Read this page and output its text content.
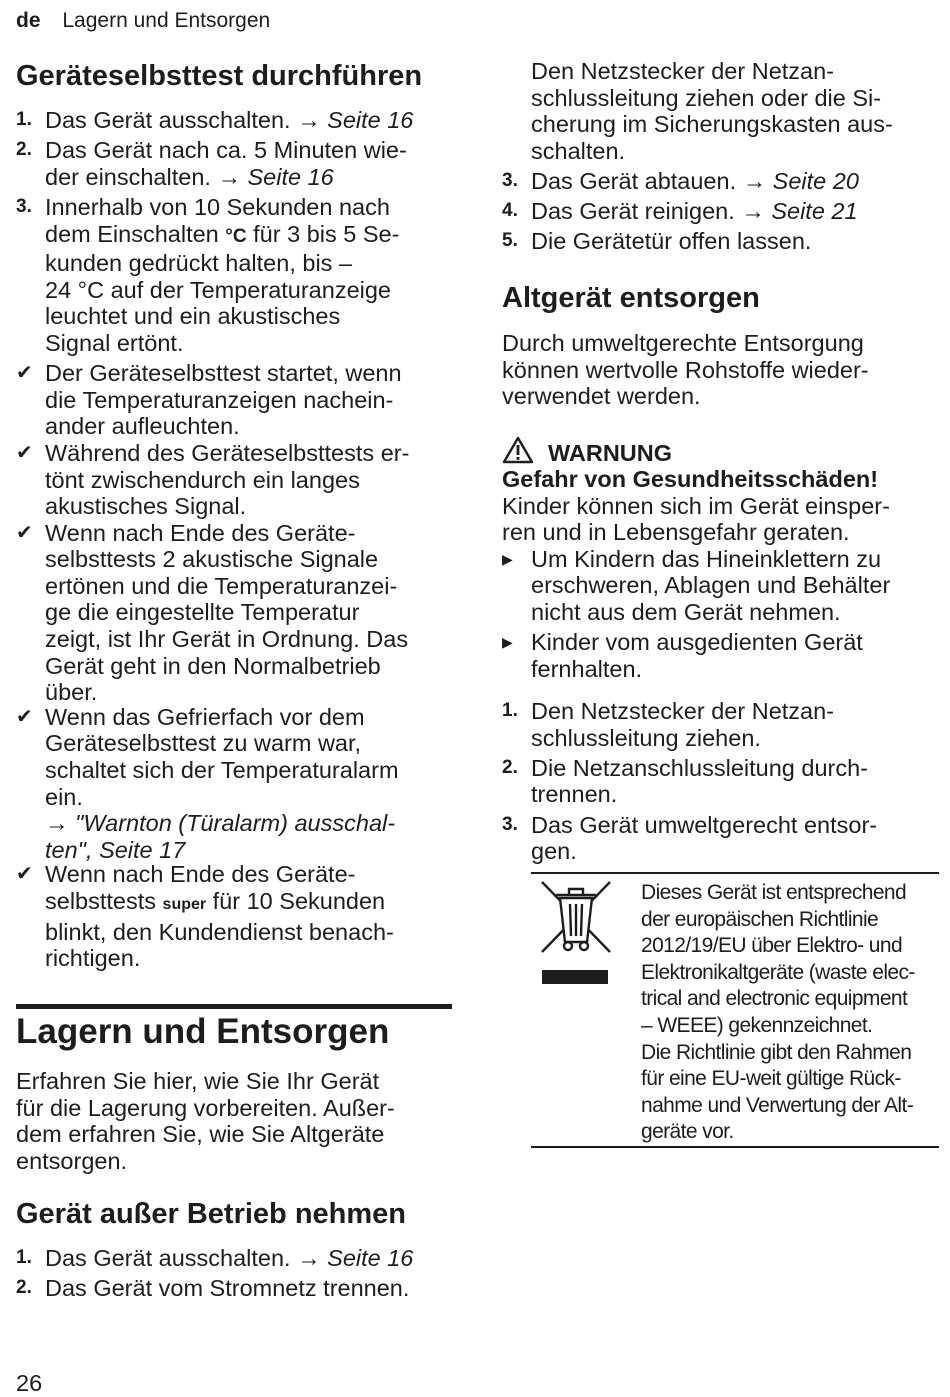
de Lagern und Entsorgen
Geräteselbsttest durchführen
1. Das Gerät ausschalten. → Seite 16
2. Das Gerät nach ca. 5 Minuten wie-
der einschalten. → Seite 16
3. Innerhalb von 10 Sekunden nach
dem Einschalten °C für 3 bis 5 Se-
kunden gedrückt halten, bis –
24 °C auf der Temperaturanzeige
leuchtet und ein akustisches
Signal ertönt.
✔ Der Geräteselbsttest startet, wenn
die Temperaturanzeigen nachein-
ander aufleuchten.
✔ Während des Geräteselbsttests er-
tönt zwischendurch ein langes
akustisches Signal.
✔ Wenn nach Ende des Geräte-
selbsttests 2 akustische Signale
ertönen und die Temperaturanzei-
ge die eingestellte Temperatur
zeigt, ist Ihr Gerät in Ordnung. Das
Gerät geht in den Normalbetrieb
über.
✔ Wenn das Gefrierfach vor dem
Geräteselbsttest zu warm war,
schaltet sich der Temperaturalarm
ein.
→ "Warnton (Türalarm) ausschal-
ten", Seite 17
✔ Wenn nach Ende des Geräte-
selbsttests super für 10 Sekunden
blinkt, den Kundendienst benach-
richtigen.
Lagern und Entsorgen
Erfahren Sie hier, wie Sie Ihr Gerät
für die Lagerung vorbereiten. Außer-
dem erfahren Sie, wie Sie Altgeräte
entsorgen.
Gerät außer Betrieb nehmen
1. Das Gerät ausschalten. → Seite 16
2. Das Gerät vom Stromnetz trennen.
26
Den Netzstecker der Netzan-
schlussleitung ziehen oder die Si-
cherung im Sicherungskasten aus-
schalten.
3. Das Gerät abtauen. → Seite 20
4. Das Gerät reinigen. → Seite 21
5. Die Gerätetür offen lassen.
Altgerät entsorgen
Durch umweltgerechte Entsorgung
können wertvolle Rohstoffe wieder-
verwendet werden.
WARNUNG
Gefahr von Gesundheitsschäden!
Kinder können sich im Gerät einsper-
ren und in Lebensgefahr geraten.
▶ Um Kindern das Hineinklettern zu
erschweren, Ablagen und Behälter
nicht aus dem Gerät nehmen.
▶ Kinder vom ausgedienten Gerät
fernhalten.
1. Den Netzstecker der Netzan-
schlussleitung ziehen.
2. Die Netzanschlussleitung durch-
trennen.
3. Das Gerät umweltgerecht entsor-
gen.
Dieses Gerät ist entsprechend
der europäischen Richtlinie
2012/19/EU über Elektro- und
Elektronikaltgeräte (waste elec-
trical and electronic equipment
– WEEE) gekennzeichnet.
Die Richtlinie gibt den Rahmen
für eine EU-weit gültige Rück-
nahme und Verwertung der Alt-
geräte vor.
